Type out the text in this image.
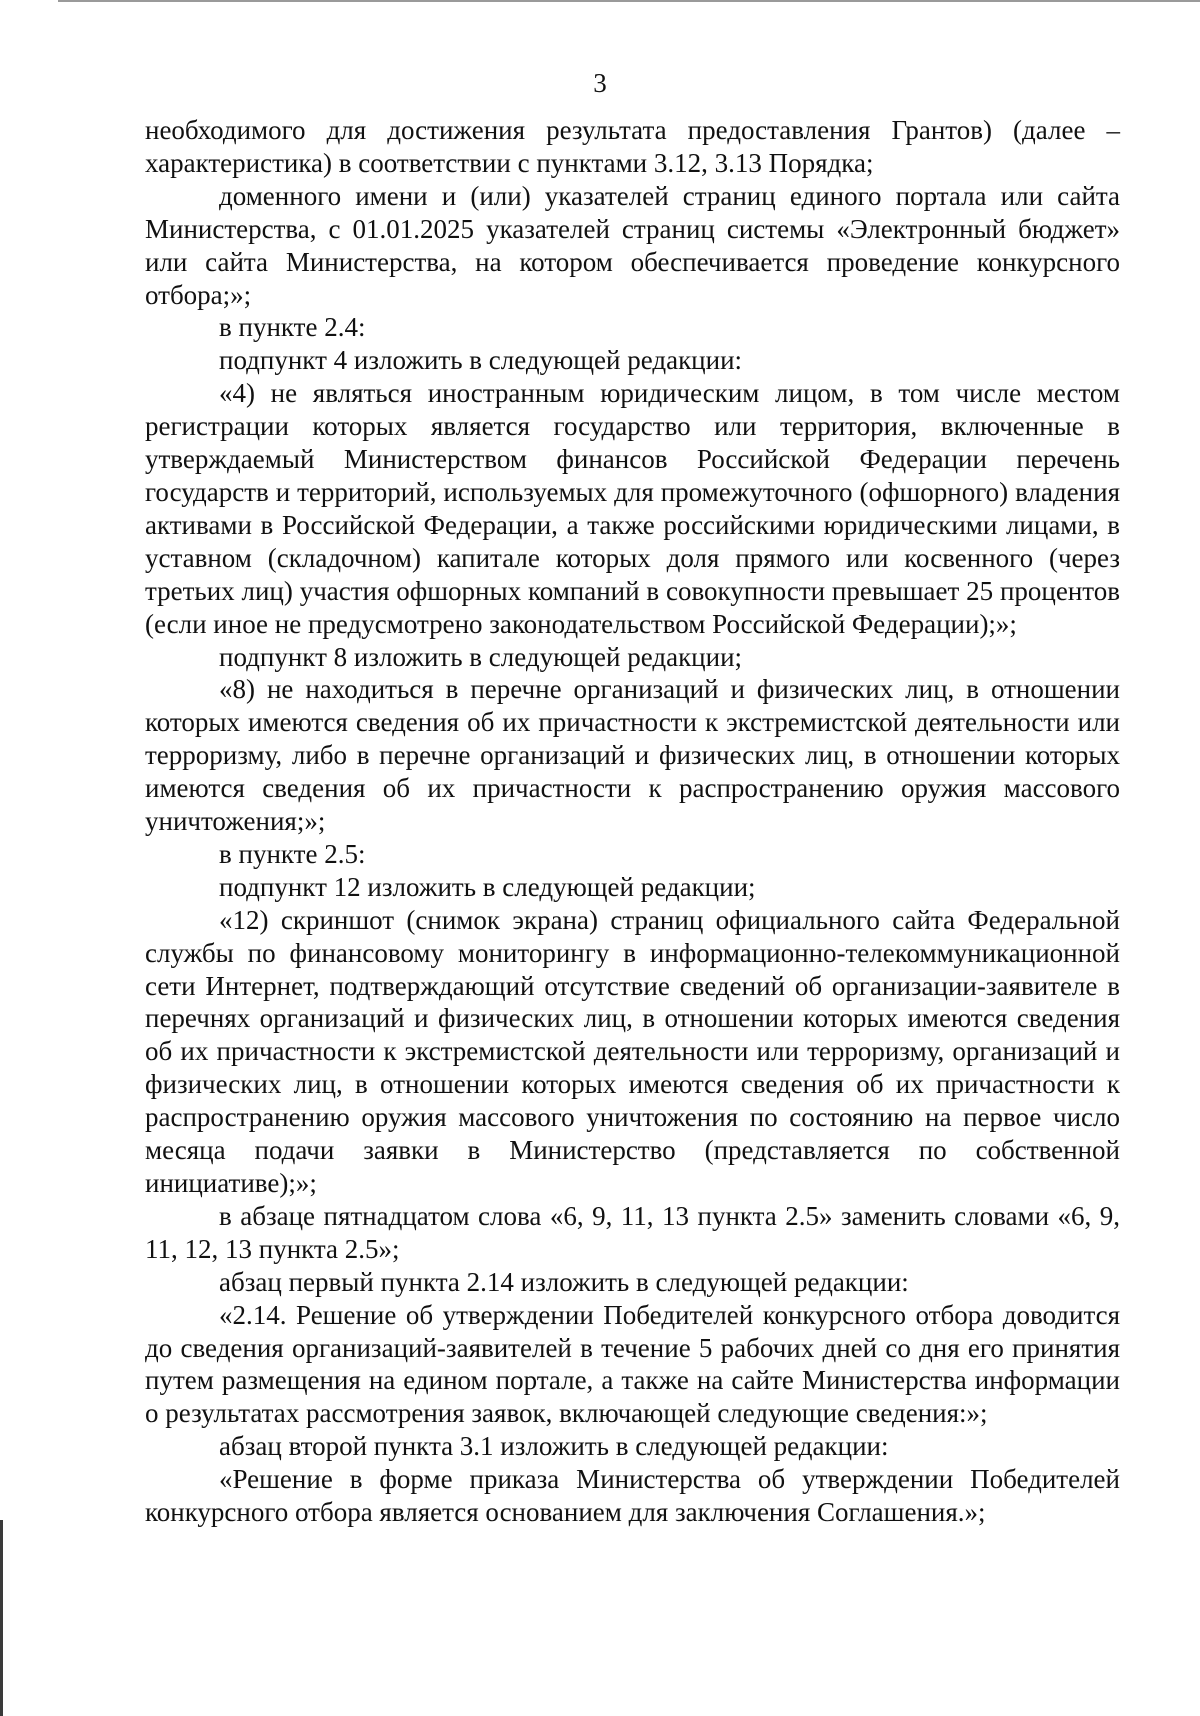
3

необходимого для достижения результата предоставления Грантов) (далее – характеристика) в соответствии с пунктами 3.12, 3.13 Порядка;

доменного имени и (или) указателей страниц единого портала или сайта Министерства, с 01.01.2025 указателей страниц системы «Электронный бюджет» или сайта Министерства, на котором обеспечивается проведение конкурсного отбора;»;

в пункте 2.4:

подпункт 4 изложить в следующей редакции:

«4) не являться иностранным юридическим лицом, в том числе местом регистрации которых является государство или территория, включенные в утверждаемый Министерством финансов Российской Федерации перечень государств и территорий, используемых для промежуточного (офшорного) владения активами в Российской Федерации, а также российскими юридическими лицами, в уставном (складочном) капитале которых доля прямого или косвенного (через третьих лиц) участия офшорных компаний в совокупности превышает 25 процентов (если иное не предусмотрено законодательством Российской Федерации);»;

подпункт 8 изложить в следующей редакции;

«8) не находиться в перечне организаций и физических лиц, в отношении которых имеются сведения об их причастности к экстремистской деятельности или терроризму, либо в перечне организаций и физических лиц, в отношении которых имеются сведения об их причастности к распространению оружия массового уничтожения;»;

в пункте 2.5:

подпункт 12 изложить в следующей редакции;

«12) скриншот (снимок экрана) страниц официального сайта Федеральной службы по финансовому мониторингу в информационно-телекоммуникационной сети Интернет, подтверждающий отсутствие сведений об организации-заявителе в перечнях организаций и физических лиц, в отношении которых имеются сведения об их причастности к экстремистской деятельности или терроризму, организаций и физических лиц, в отношении которых имеются сведения об их причастности к распространению оружия массового уничтожения по состоянию на первое число месяца подачи заявки в Министерство (представляется по собственной инициативе);»;

в абзаце пятнадцатом слова «6, 9, 11, 13 пункта 2.5» заменить словами «6, 9, 11, 12, 13 пункта 2.5»;

абзац первый пункта 2.14 изложить в следующей редакции:

«2.14. Решение об утверждении Победителей конкурсного отбора доводится до сведения организаций-заявителей в течение 5 рабочих дней со дня его принятия путем размещения на едином портале, а также на сайте Министерства информации о результатах рассмотрения заявок, включающей следующие сведения:»;

абзац второй пункта 3.1 изложить в следующей редакции:

«Решение в форме приказа Министерства об утверждении Победителей конкурсного отбора является основанием для заключения Соглашения.»;
